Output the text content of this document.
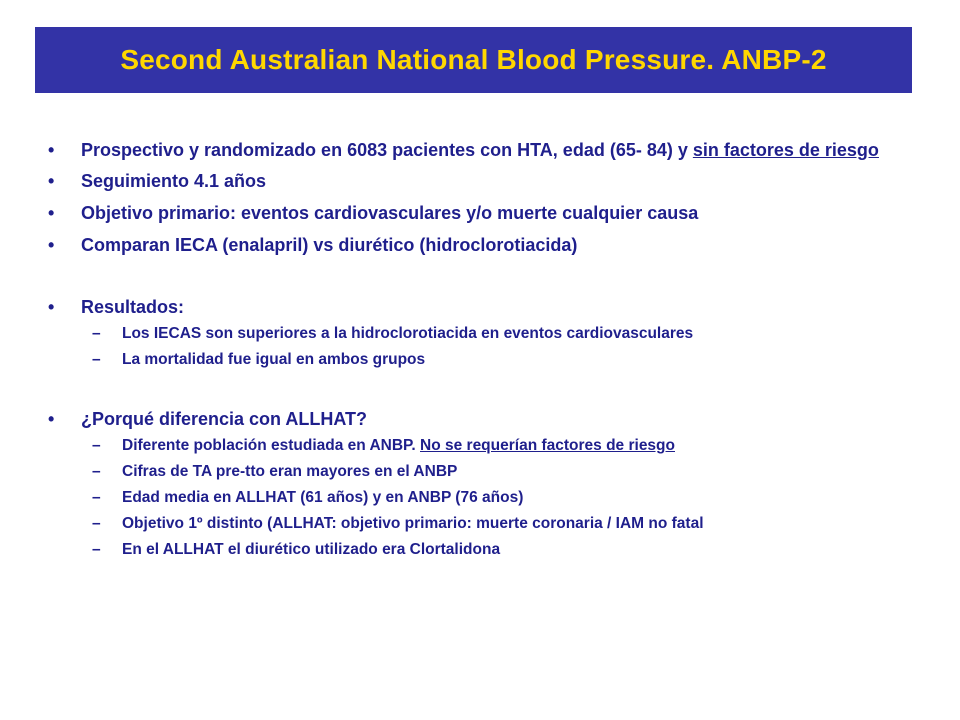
Second Australian National Blood Pressure. ANBP-2
•	Prospectivo y randomizado en 6083 pacientes con HTA, edad (65- 84) y sin factores de riesgo
•	Seguimiento 4.1 años
•	Objetivo primario: eventos cardiovasculares y/o muerte cualquier causa
•	Comparan IECA (enalapril) vs diurético (hidroclorotiacida)
•	Resultados:
–	Los IECAS son superiores a la hidroclorotiacida en eventos cardiovasculares
–	La mortalidad fue igual en ambos grupos
•	¿Porqué diferencia con ALLHAT?
–	Diferente población estudiada en ANBP. No se requerían factores de riesgo
–	Cifras de TA pre-tto eran mayores en el ANBP
–	Edad media en ALLHAT (61 años) y en ANBP (76 años)
–	Objetivo 1º distinto (ALLHAT: objetivo primario: muerte coronaria / IAM no fatal
–	En el ALLHAT el diurético utilizado era Clortalidona
